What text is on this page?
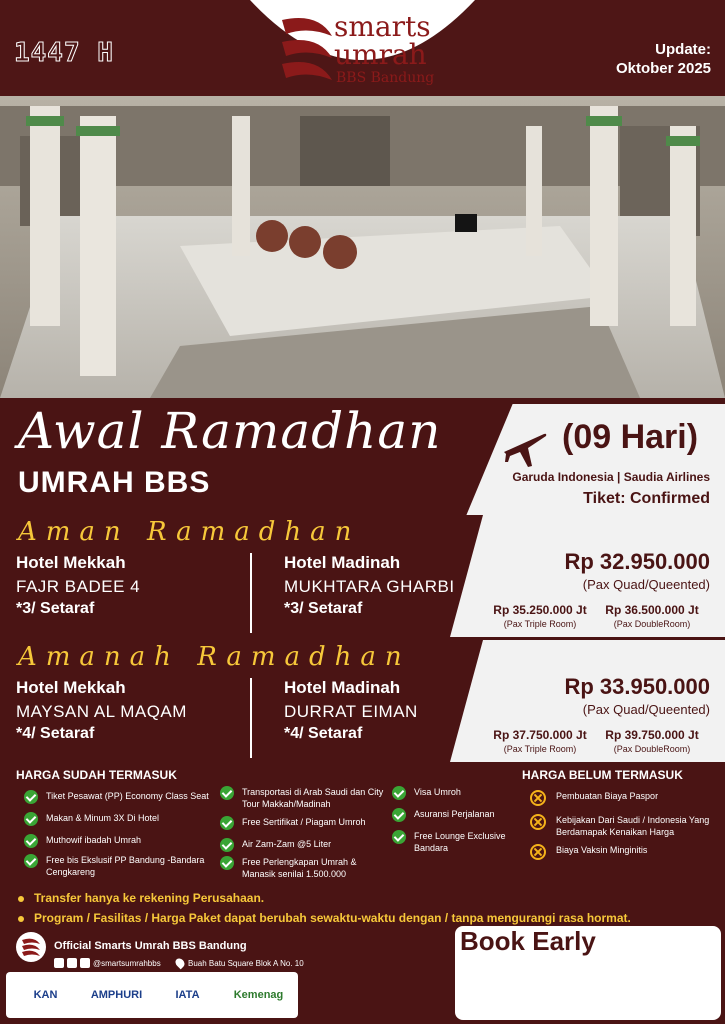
1447 H
smarts
umrah
BBS Bandung
Update:
Oktober 2025
Awal Ramadhan
UMRAH BBS
(09 Hari)
Garuda Indonesia | Saudia Airlines
Tiket: Confirmed
Aman Ramadhan
Hotel Mekkah
FAJR BADEE 4
*3/ Setaraf
Hotel Madinah
MUKHTARA GHARBI
*3/ Setaraf
Rp 32.950.000
(Pax Quad/Queented)
Rp 35.250.000 Jt
(Pax Triple Room)
Rp 36.500.000 Jt
(Pax DoubleRoom)
Amanah Ramadhan
Hotel Mekkah
MAYSAN AL MAQAM
*4/ Setaraf
Hotel Madinah
DURRAT EIMAN
*4/ Setaraf
Rp 33.950.000
(Pax Quad/Queented)
Rp 37.750.000 Jt
(Pax Triple Room)
Rp 39.750.000 Jt
(Pax DoubleRoom)
HARGA SUDAH TERMASUK
Tiket Pesawat (PP) Economy Class Seat
Makan & Minum 3X Di Hotel
Muthowif ibadah Umrah
Free bis Ekslusif PP Bandung -Bandara Cengkareng
Transportasi di Arab Saudi dan City Tour Makkah/Madinah
Free Sertifikat / Piagam Umroh
Air Zam-Zam @5 Liter
Free Perlengkapan Umrah & Manasik senilai 1.500.000
Visa Umroh
Asuransi Perjalanan
Free Lounge Exclusive Bandara
HARGA BELUM TERMASUK
Pembuatan Biaya Paspor
Kebijakan Dari Saudi / Indonesia Yang Berdamapak Kenaikan Harga
Biaya Vaksin Minginitis
Transfer hanya ke rekening Perusahaan.
Program / Fasilitas / Harga Paket dapat berubah sewaktu-waktu dengan / tanpa mengurangi rasa hormat.
Official Smarts Umrah BBS Bandung
@smartsumrahbbs	Buah Batu Square Blok A No. 10
KAN	AMPHURI	IATA	Kemenag
Book Early
